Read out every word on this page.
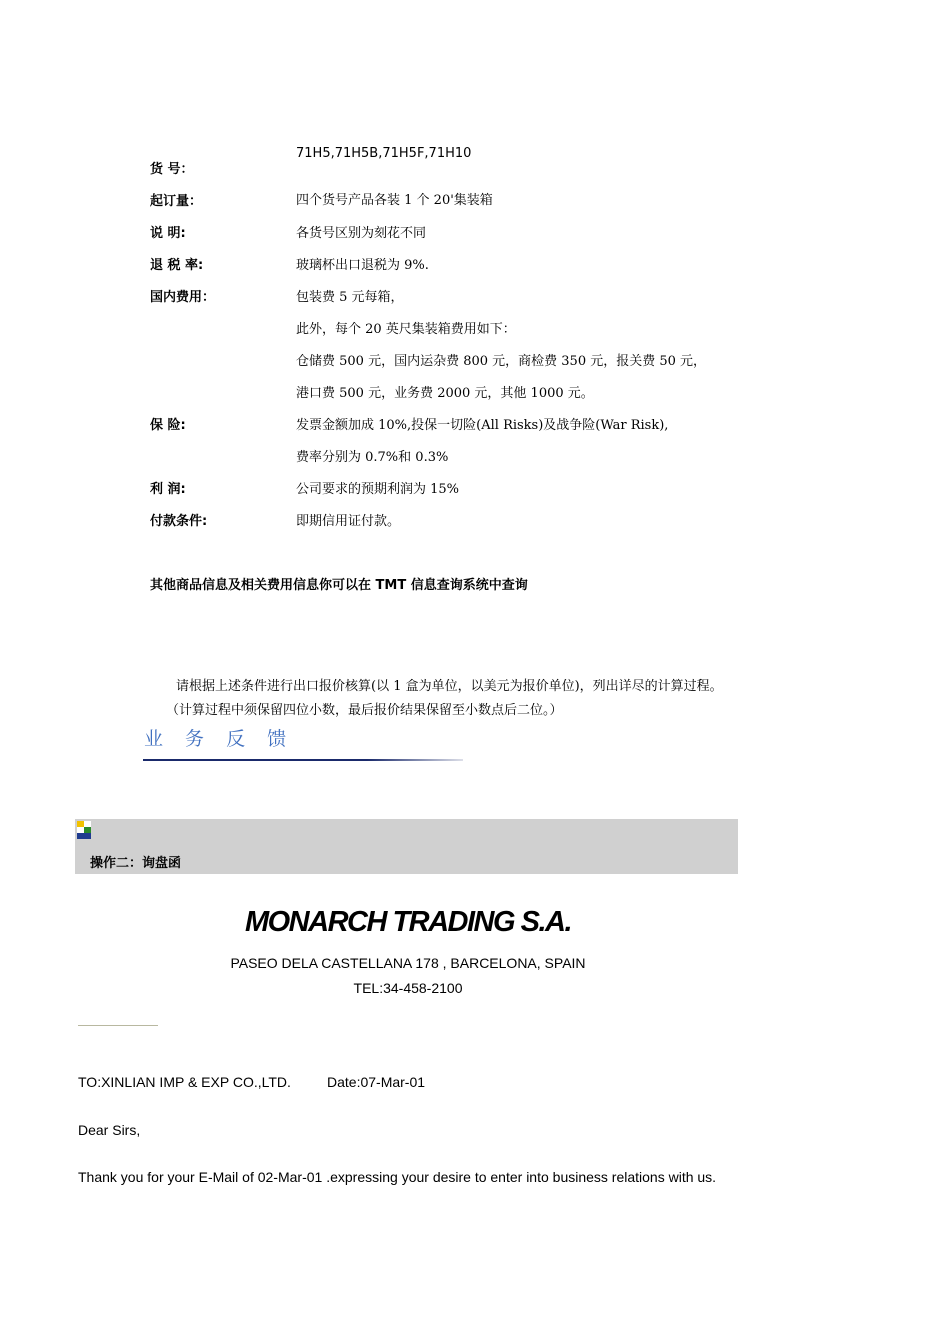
货 号：
71H5,71H5B,71H5F,71H10
起订量：	四个货号产品各装 1 个 20'集装箱
说 明:	各货号区别为刻花不同
退 税 率:	玻璃杯出口退税为 9%.
国内费用：	包装费 5 元每箱，
此外，每个 20 英尺集装箱费用如下：
仓储费 500 元，国内运杂费 800 元，商检费 350 元，报关费 50 元，
港口费 500 元，业务费 2000 元，其他 1000 元。
保 险:	发票金额加成 10%,投保一切险(All Risks)及战争险(War Risk),
费率分别为 0.7%和 0.3%
利 润:	公司要求的预期利润为 15%
付款条件:	即期信用证付款。
其他商品信息及相关费用信息你可以在 TMT 信息查询系统中查询
请根据上述条件进行出口报价核算(以 1 盒为单位，以美元为报价单位)，列出详尽的计算过程。
（计算过程中须保留四位小数，最后报价结果保留至小数点后二位。）
业 务 反 馈
操作二：询盘函
MONARCH TRADING S.A.
PASEO DELA CASTELLANA 178 , BARCELONA, SPAIN
TEL:34-458-2100
TO:XINLIAN IMP & EXP CO.,LTD.	Date:07-Mar-01
Dear Sirs,
Thank you for your E-Mail of 02-Mar-01 .expressing your desire to enter into business relations with us.
